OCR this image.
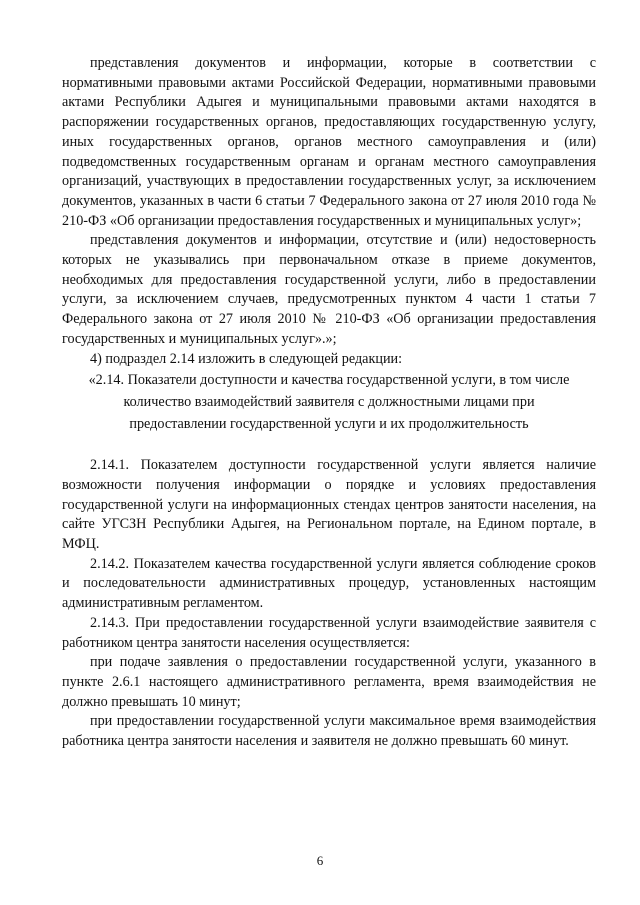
представления документов и информации, которые в соответствии с нормативными правовыми актами Российской Федерации, нормативными правовыми актами Республики Адыгея и муниципальными правовыми актами находятся в распоряжении государственных органов, предоставляющих государственную услугу, иных государственных органов, органов местного самоуправления и (или) подведомственных государственным органам и органам местного самоуправления организаций, участвующих в предоставлении государственных услуг, за исключением документов, указанных в части 6 статьи 7 Федерального закона от 27 июля 2010 года № 210-ФЗ «Об организации предоставления государственных и муниципальных услуг»;

представления документов и информации, отсутствие и (или) недостоверность которых не указывались при первоначальном отказе в приеме документов, необходимых для предоставления государственной услуги, либо в предоставлении услуги, за исключением случаев, предусмотренных пунктом 4 части 1 статьи 7 Федерального закона от 27 июля 2010 № 210-ФЗ «Об организации предоставления государственных и муниципальных услуг».»;

4) подраздел 2.14 изложить в следующей редакции:

«2.14. Показатели доступности и качества государственной услуги, в том числе количество взаимодействий заявителя с должностными лицами при предоставлении государственной услуги и их продолжительность

2.14.1. Показателем доступности государственной услуги является наличие возможности получения информации о порядке и условиях предоставления государственной услуги на информационных стендах центров занятости населения, на сайте УГСЗН Республики Адыгея, на Региональном портале, на Едином портале, в МФЦ.

2.14.2. Показателем качества государственной услуги является соблюдение сроков и последовательности административных процедур, установленных настоящим административным регламентом.

2.14.3. При предоставлении государственной услуги взаимодействие заявителя с работником центра занятости населения осуществляется:

при подаче заявления о предоставлении государственной услуги, указанного в пункте 2.6.1 настоящего административного регламента, время взаимодействия не должно превышать 10 минут;

при предоставлении государственной услуги максимальное время взаимодействия работника центра занятости населения и заявителя не должно превышать 60 минут.

6
